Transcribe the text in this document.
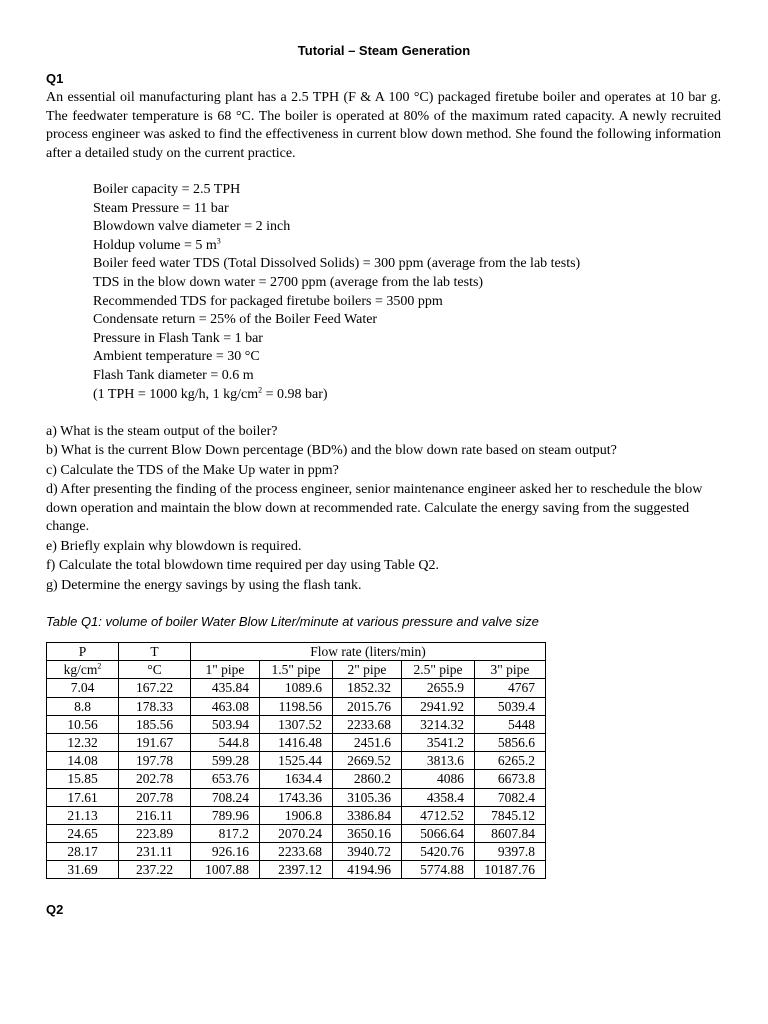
Tutorial – Steam Generation
Q1

An essential oil manufacturing plant has a 2.5 TPH (F & A 100 °C) packaged firetube boiler and operates at 10 bar g. The feedwater temperature is 68 °C. The boiler is operated at 80% of the maximum rated capacity. A newly recruited process engineer was asked to find the effectiveness in current blow down method. She found the following information after a detailed study on the current practice.

Boiler capacity = 2.5 TPH
Steam Pressure = 11 bar
Blowdown valve diameter = 2 inch
Holdup volume = 5 $m^3$
Boiler feed water TDS (Total Dissolved Solids) = 300 ppm (average from the lab tests)
TDS in the blow down water = 2700 ppm (average from the lab tests)
Recommended TDS for packaged firetube boilers = 3500 ppm
Condensate return = 25% of the Boiler Feed Water
Pressure in Flash Tank = 1 bar
Ambient temperature = 30 °C
Flash Tank diameter = 0.6 m
(1 TPH = 1000 kg/h, 1 $kg/cm^2 = 0.98$ bar)
a) What is the steam output of the boiler?
b) What is the current Blow Down percentage (BD%) and the blow down rate based on steam output?
c) Calculate the TDS of the Make Up water in ppm?
d) After presenting the finding of the process engineer, senior maintenance engineer asked her to reschedule the blow down operation and maintain the blow down at recommended rate. Calculate the energy saving from the suggested change.
e) Briefly explain why blowdown is required.
f) Calculate the total blowdown time required per day using Table Q2.
g) Determine the energy savings by using the flash tank.
Table Q1: volume of boiler Water Blow Liter/minute at various pressure and valve size
P	T	Flow rate (liters/min)				
$kg/cm^2$	°C	1" pipe	1.5" pipe	2" pipe	2.5" pipe	3" pipe
7.04	167.22	435.84	1089.6	1852.32	2655.9	4767
8.8	178.33	463.08	1198.56	2015.76	2941.92	5039.4
10.56	185.56	503.94	1307.52	2233.68	3214.32	5448
12.32	191.67	544.8	1416.48	2451.6	3541.2	5856.6
14.08	197.78	599.28	1525.44	2669.52	3813.6	6265.2
15.85	202.78	653.76	1634.4	2860.2	4086	6673.8
17.61	207.78	708.24	1743.36	3105.36	4358.4	7082.4
21.13	216.11	789.96	1906.8	3386.84	4712.52	7845.12
24.65	223.89	817.2	2070.24	3650.16	5066.64	8607.84
28.17	231.11	926.16	2233.68	3940.72	5420.76	9397.8
31.69	237.22	1007.88	2397.12	4194.96	5774.88	10187.76
Q2
